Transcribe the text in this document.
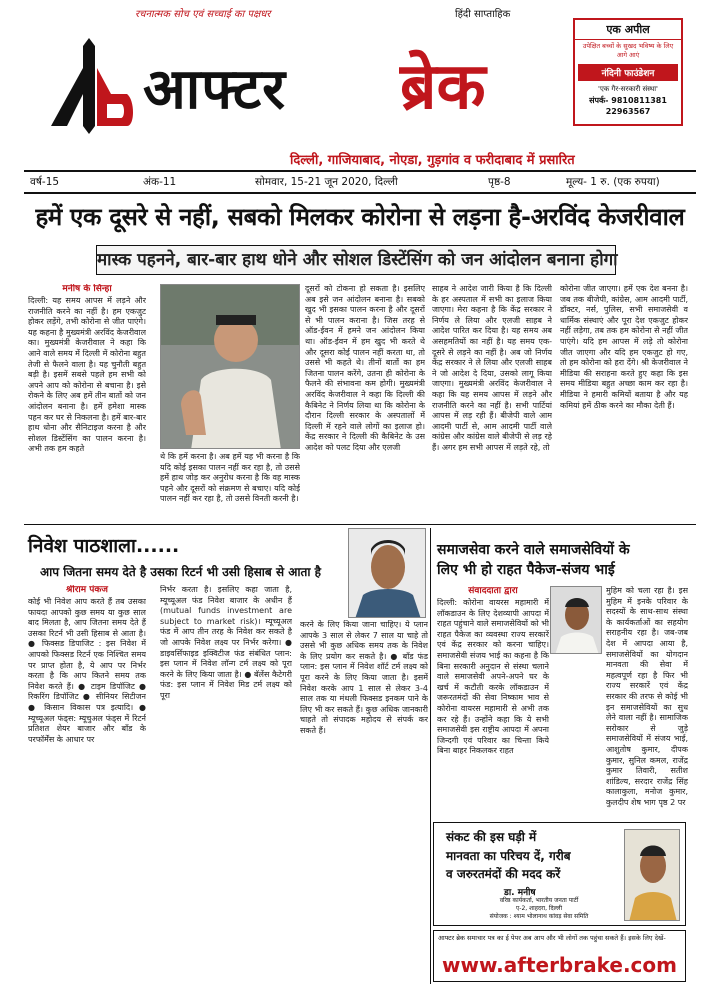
रचनात्मक सोच एवं सच्चाई का पक्षधर	हिंदी साप्ताहिक
आफ्टर ब्रेक
एक अपील
उपेक्षित बच्चों के सुखद भविष्य के लिए आगे आएं
नंदिनी फाउंडेशन
'एक गैर-सरकारी संस्था'
संपर्क- 9810811381
22963567
दिल्ली, गाजियाबाद, नोएडा, गुड़गांव व फरीदाबाद में प्रसारित
वर्ष-15	अंक-11	सोमवार, 15-21 जून 2020, दिल्ली	पृष्ठ-8	मूल्य- 1 रु. (एक रुपया)
हमें एक दूसरे से नहीं, सबको मिलकर कोरोना से लड़ना है-अरविंद केजरीवाल
मास्क पहनने, बार-बार हाथ धोने और सोशल डिस्टेंसिंग को जन आंदोलन बनाना होगा
मनीष के सिन्हा
दिल्ली: यह समय आपस में लड़ने और राजनीति करने का नहीं है। हम एकजुट होकर लड़ेंगे, तभी कोरोना से जीत पाएंगे। यह कहना है मुख्यमंत्री अरविंद केजरीवाल का। मुख्यमंत्री केजरीवाल ने कहा कि आने वाले समय में दिल्ली में कोरोना बहुत तेजी से फैलने वाला है। यह चुनौती बहुत बड़ी है। इसमें सबसे पहले हम सभी को अपने आप को कोरोना से बचाना है। इसे रोकने के लिए अब हमें तीन बातों को जन आंदोलन बनाना है। हमें हमेशा मास्क पहन कर घर से निकलना है। हमें बार-बार हाथ धोना और सैनिटाइज करना है और सोशल डिस्टेंसिंग का पालन करना है। अभी तक हम कहते
थे कि हमें करना है। अब हमें यह भी करना है कि यदि कोई इसका पालन नहीं कर रहा है, तो उससे हमें हाथ जोड़ कर अनुरोध करना है कि वह मास्क पहने और दूसरों को संक्रमण से बचाए। यदि कोई पालन नहीं कर रहा है, तो उससे विनती करनी है।
दूसरों को टोकना हो सकता है। इसलिए अब इसे जन आंदोलन बनाना है। सबको खुद भी इसका पालन करना है और दूसरों से भी पालन कराना है। जिस तरह से ऑड-ईवन में हमने जन आंदोलन किया था। ऑड-ईवन में हम खुद भी करते थे और दूसरा कोई पालन नहीं करता था, तो उससे भी कहते थे। तीनों बातों का हम जितना पालन करेंगे, उतना ही कोरोना के फैलने की संभावना कम होगी। मुख्यमंत्री अरविंद केजरीवाल ने कहा कि दिल्ली की कैबिनेट ने निर्णय लिया था कि कोरोना के दौरान दिल्ली सरकार के अस्पतालों में दिल्ली में रहने वाले लोगों का इलाज हो। केंद्र सरकार ने दिल्ली की कैबिनेट के उस आदेश को पलट दिया और एलजी
साहब ने आदेश जारी किया है कि दिल्ली के हर अस्पताल में सभी का इलाज किया जाएगा। मेरा कहना है कि केंद्र सरकार ने निर्णय ले लिया और एलजी साहब ने आदेश पारित कर दिया है। यह समय अब असहमतियों का नहीं है। यह समय एक-दूसरे से लड़ने का नहीं है। अब जो निर्णय केंद्र सरकार ने ले लिया और एलजी साहब ने जो आदेश दे दिया, उसको लागू किया जाएगा। मुख्यमंत्री अरविंद केजरीवाल ने कहा कि यह समय आपस में लड़ने और राजनीति करने का नहीं है। सभी पार्टियां आपस में लड़ रही हैं। बीजेपी वाले आम आदमी पार्टी से, आम आदमी पार्टी वाले कांग्रेस और कांग्रेस वाले बीजेपी से लड़ रहे हैं। अगर हम सभी आपस में लड़ते रहे, तो
कोरोना जीत जाएगा। हमें एक देश बनना है। जब तक बीजेपी, कांग्रेस, आम आदमी पार्टी, डॉक्टर, नर्स, पुलिस, सभी समाजसेवी व धार्मिक संस्थाएं और पूरा देश एकजुट होकर नहीं लड़ेगा, तब तक हम कोरोना से नहीं जीत पाएंगे। यदि हम आपस में लड़े तो कोरोना जीत जाएगा और यदि हम एकजुट हो गए, तो हम कोरोना को हरा देंगे। श्री केजरीवाल ने मीडिया की सराहना करते हुए कहा कि इस समय मीडिया बहुत अच्छा काम कर रहा है। मीडिया ने हमारी कमियों बताया है और यह कमियां हमें ठीक करने का मौका देती हैं।
निवेश पाठशाला......
आप जितना समय देते है उसका रिटर्न भी उसी हिसाब से आता है
श्रीराम पंकज
कोई भी निवेश आप करते हैं तब उसका फायदा आपको कुछ समय या कुछ साल बाद मिलता है, आप जितना समय देते हैं उसका रिटर्न भी उसी हिसाब से आता है। ● फिक्सड डिपाजिट : इस निवेश में आपको फिक्सड रिटर्न एक निश्चित समय पर प्राप्त होता है, ये आप पर निर्भर करता है कि आप कितने समय तक निवेश करते हैं। ● टाइम डिपॉजिट ● रिकरिंग डिपॉजिट ● सीनियर सिटीजन ● किसान विकास पत्र इत्यादि। ● म्यूच्यूअल फंड्स: म्यूचुअल फंड्स में रिटर्न प्रतिशत शेयर बाजार और बॉंड के परफॉर्मेंस के आधार पर
निर्भर करता है। इसलिए कहा जाता है, म्यूच्यूअल फंड निवेश बाजार के अधीन हैं (mutual funds investment are subject to market risk)। म्यूच्यूअल फंड में आप तीन तरह के निवेश कर सकते है जो आपके निवेश लक्ष्य पर निर्भर करेगा। ● डाइवर्सिफाइड इक्विटीज फंड संबंधित प्लान: इस प्लान में निवेश लॉन्ग टर्म लक्ष्य को पूरा करने के लिए किया जाता है। ● बॅलेंस कैटेगरी फंड: इस प्लान में निवेश मिड टर्म लक्ष्य को पूरा
करने के लिए किया जाना चाहिए। ये प्लान आपके 3 साल से लेकर 7 साल या चाहे तो उससे भी कुछ अधिक समय तक के निवेश के लिए प्रयोग कर सकते है। ● बॉंड फंड प्लान: इस प्लान में निवेश शॉर्ट टर्म लक्ष्य को पूरा करने के लिए किया जाता है। इसमें निवेश करके आप 1 साल से लेकर 3-4 साल तक या मंथली फिक्सड इनकम पाने के लिए भी कर सकते हैं। कुछ अधिक जानकारी चाहते तो संपादक महोदय से संपर्क कर सकते हैं।
समाजसेवा करने वाले समाजसेवियों के
लिए भी हो राहत पैकेज-संजय भाई
संवाददाता द्वारा
दिल्ली: कोरोना वायरस महामारी में लॉकडाउन के लिए देशव्यापी आपदा में राहत पहुंचाने वाले समाजसेवियों को भी राहत पैकेज का व्यवस्था राज्य सरकारें एवं केंद्र सरकार को करना चाहिए। समाजसेवी संजय भाई का कहना है कि बिना सरकारी अनुदान से संस्था चलाने वाले समाजसेवी अपने-अपने घर के खर्च में कटौती करके लॉकडाउन में जरूरतमंदों की सेवा निष्काम भाव से कोरोना वायरस महामारी से अभी तक कर रहे हैं। उन्होंने कहा कि ये सभी समाजसेवी इस राष्ट्रीय आपदा में अपना जिन्दगी एवं परिवार का चिन्ता किये बिना बाहर निकलकर राहत
मुहिम को चला रहा है। इस मुहिम में इनके परिवार के सदस्यों के साथ-साथ संस्था के कार्यकर्ताओं का सहयोग सराहनीय रहा है। जब-जब देश में आपदा आया है, समाजसेवियों का योगदान मानवता की सेवा में महत्वपूर्ण रहा है फिर भी राज्य सरकारें एवं केंद्र सरकार की तरफ से कोई भी इन समाजसेवियों का सुध लेने वाला नहीं है। सामाजिक सरोकार से जुड़े समाजसेवियों में संजय भाई, आशुतोष कुमार, दीपक कुमार, सुनिल कमल, राजेंद्र कुमार तिवारी, सतीश शांडिल्य, सरदार राजेंद्र सिंह कालाकुला, मनोज कुमार, कुलदीप शेष भाग पृष्ठ 2 पर
संकट की इस घड़ी में
मानवता का परिचय दें, गरीब
व जरुरतमंदों की मदद करें
डा. मनीष
वरिष्ठ कार्यकर्ता, भारतीय जनता पार्टी
ए-2, शाहदरा, दिल्ली
संयोजक : श्याम भोलानाथ कांवड़ सेवा समिति
आफ्टर ब्रेक समाचार पत्र का ई पेपर अब आप और भी लोगों तक पहुंचा सकते हैं। इसके लिए देखें-
www.afterbrake.com
